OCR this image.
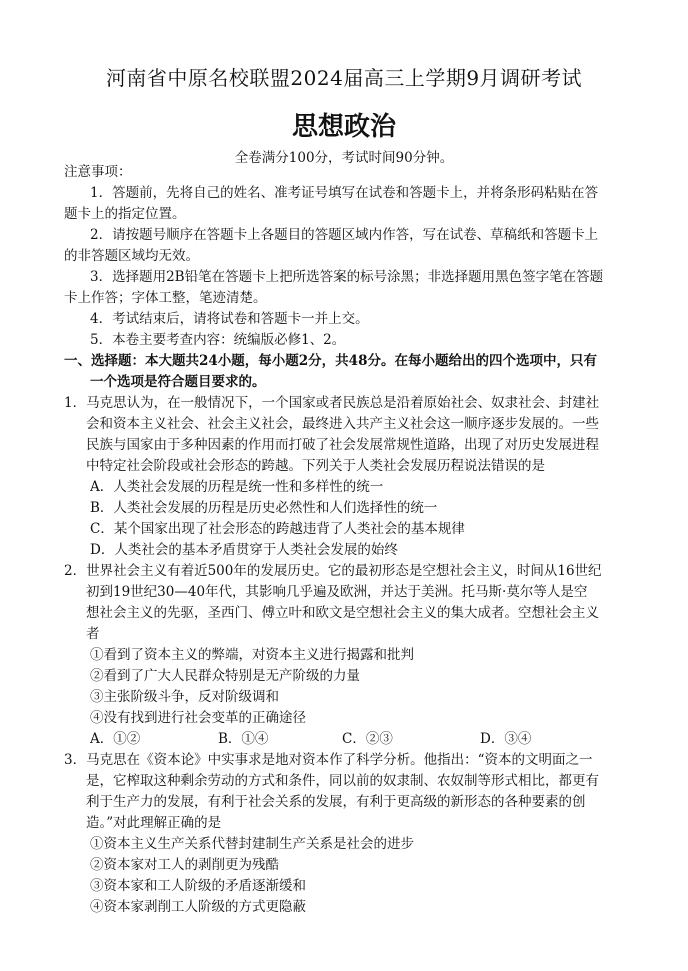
河南省中原名校联盟2024届高三上学期9月调研考试
思想政治
全卷满分100分，考试时间90分钟。
注意事项：
1．答题前，先将自己的姓名、准考证号填写在试卷和答题卡上，并将条形码粘贴在答
题卡上的指定位置。
2．请按题号顺序在答题卡上各题目的答题区域内作答，写在试卷、草稿纸和答题卡上
的非答题区域均无效。
3．选择题用2B铅笔在答题卡上把所选答案的标号涂黑；非选择题用黑色签字笔在答题
卡上作答；字体工整，笔迹清楚。
4．考试结束后，请将试卷和答题卡一并上交。
5．本卷主要考查内容：统编版必修1、2。
一、选择题：本大题共24小题，每小题2分，共48分。在每小题给出的四个选项中，只有
一个选项是符合题目要求的。
1．马克思认为，在一般情况下，一个国家或者民族总是沿着原始社会、奴隶社会、封建社
会和资本主义社会、社会主义社会，最终进入共产主义社会这一顺序逐步发展的。一些
民族与国家由于多种因素的作用而打破了社会发展常规性道路，出现了对历史发展进程
中特定社会阶段或社会形态的跨越。下列关于人类社会发展历程说法错误的是
A．人类社会发展的历程是统一性和多样性的统一
B．人类社会发展的历程是历史必然性和人们选择性的统一
C．某个国家出现了社会形态的跨越违背了人类社会的基本规律
D．人类社会的基本矛盾贯穿于人类社会发展的始终
2．世界社会主义有着近500年的发展历史。它的最初形态是空想社会主义，时间从16世纪
初到19世纪30—40年代，其影响几乎遍及欧洲，并达于美洲。托马斯·莫尔等人是空
想社会主义的先驱，圣西门、傅立叶和欧文是空想社会主义的集大成者。空想社会主义
者
①看到了资本主义的弊端，对资本主义进行揭露和批判
②看到了广大人民群众特别是无产阶级的力量
③主张阶级斗争，反对阶级调和
④没有找到进行社会变革的正确途径
A．①②	B．①④	C．②③	D．③④
3．马克思在《资本论》中实事求是地对资本作了科学分析。他指出：“资本的文明面之一
是，它榨取这种剩余劳动的方式和条件，同以前的奴隶制、农奴制等形式相比，都更有
利于生产力的发展，有利于社会关系的发展，有利于更高级的新形态的各种要素的创
造。”对此理解正确的是
①资本主义生产关系代替封建制生产关系是社会的进步
②资本家对工人的剥削更为残酷
③资本家和工人阶级的矛盾逐渐缓和
④资本家剥削工人阶级的方式更隐蔽
